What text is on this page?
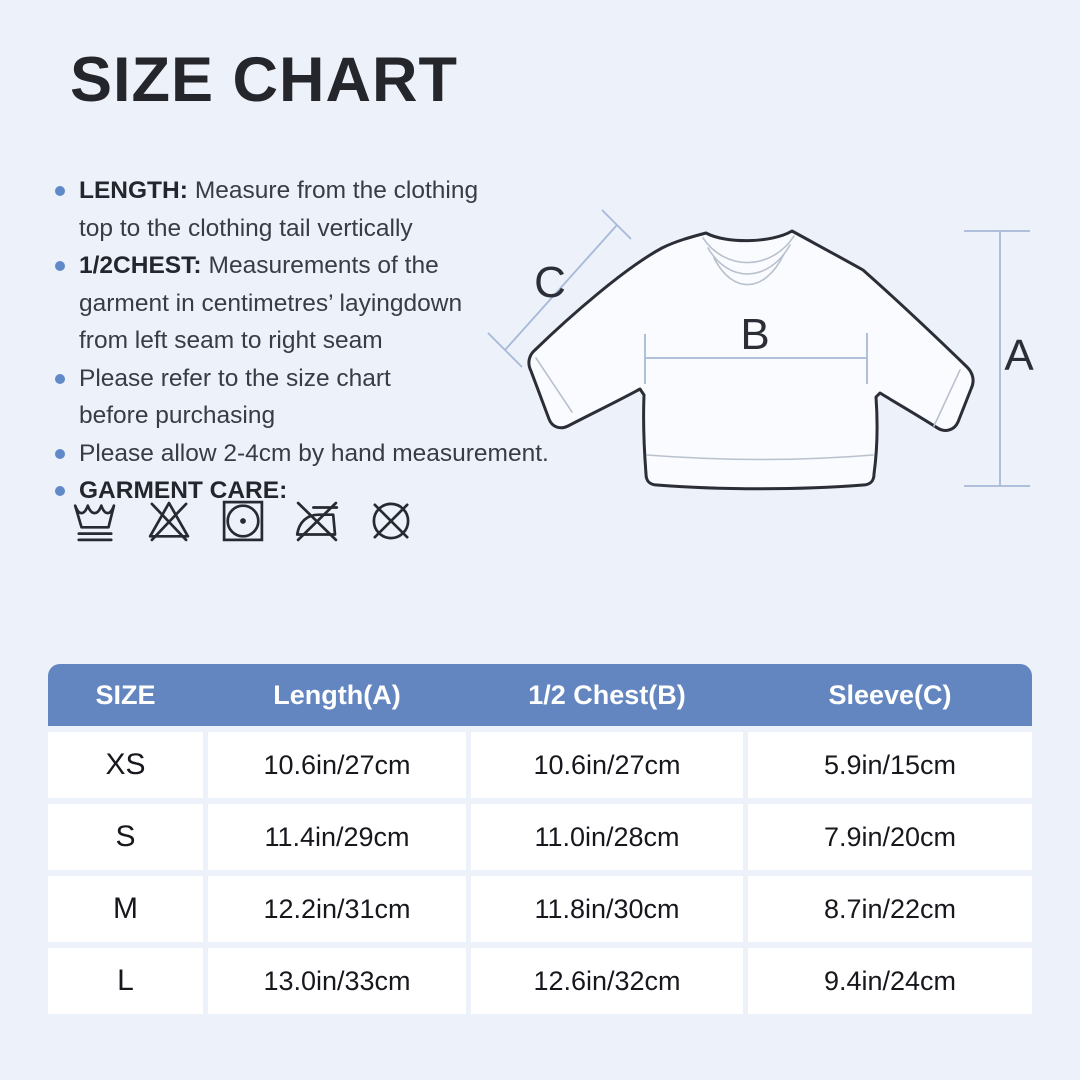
SIZE CHART
LENGTH: Measure from the clothing
top to the clothing tail vertically
1/2CHEST: Measurements of the
garment in centimetres’ layingdown
from left seam to right seam
Please refer to the size chart
before purchasing
Please allow 2-4cm by hand measurement.
GARMENT CARE:
C
B	A
SIZE	Length(A)	1/2 Chest(B)	Sleeve(C)
XS	10.6in/27cm	10.6in/27cm	5.9in/15cm
S	11.4in/29cm	11.0in/28cm	7.9in/20cm
M	12.2in/31cm	11.8in/30cm	8.7in/22cm
L	13.0in/33cm	12.6in/32cm	9.4in/24cm
